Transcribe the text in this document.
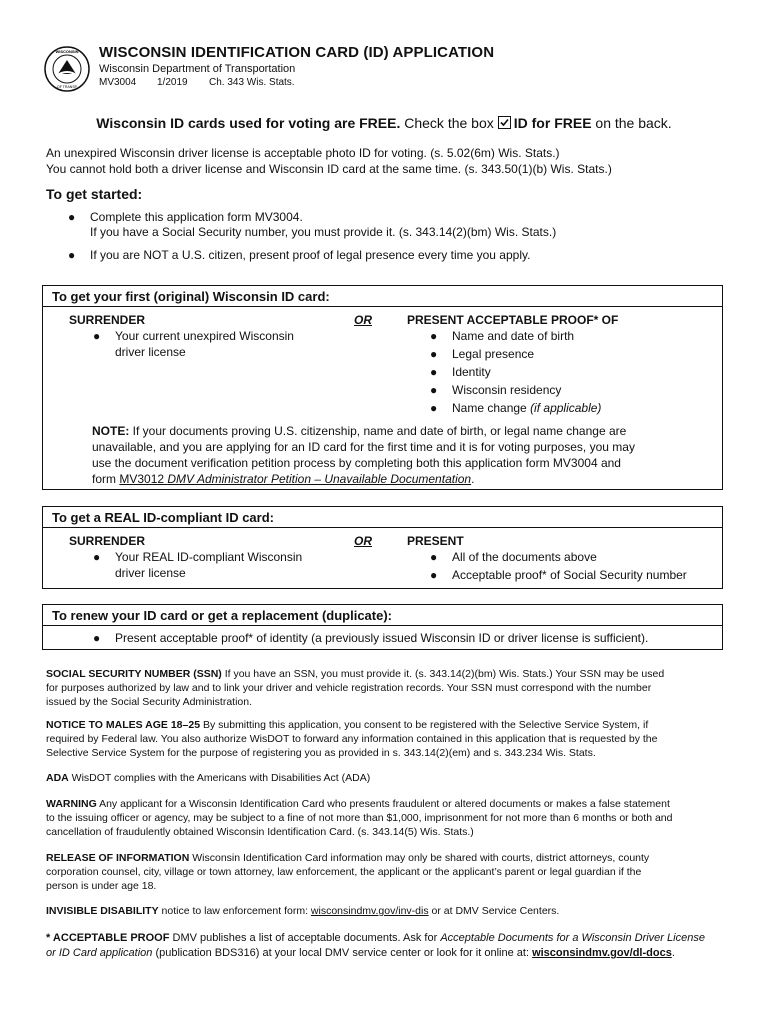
WISCONSIN
OF TRANSP
WISCONSIN IDENTIFICATION CARD (ID) APPLICATION
Wisconsin Department of Transportation
MV3004 1/2019 Ch. 343 Wis. Stats.
Wisconsin ID cards used for voting are FREE. Check the box ID for FREE on the back.
An unexpired Wisconsin driver license is acceptable photo ID for voting. (s. 5.02(6m) Wis. Stats.)
You cannot hold both a driver license and Wisconsin ID card at the same time. (s. 343.50(1)(b) Wis. Stats.)
To get started:
●	Complete this application form MV3004.
If you have a Social Security number, you must provide it. (s. 343.14(2)(bm) Wis. Stats.)
●	If you are NOT a U.S. citizen, present proof of legal presence every time you apply.
To get your first (original) Wisconsin ID card:
SURRENDER
● Your current unexpired Wisconsin
driver license
OR	PRESENT ACCEPTABLE PROOF* OF
● Name and date of birth
● Legal presence
● Identity
● Wisconsin residency
● Name change (if applicable)
NOTE: If your documents proving U.S. citizenship, name and date of birth, or legal name change are
unavailable, and you are applying for an ID card for the first time and it is for voting purposes, you may
use the document verification petition process by completing both this application form MV3004 and
form MV3012 DMV Administrator Petition – Unavailable Documentation.
To get a REAL ID-compliant ID card:
SURRENDER
● Your REAL ID-compliant Wisconsin
driver license
OR	PRESENT
● All of the documents above
● Acceptable proof* of Social Security number
To renew your ID card or get a replacement (duplicate):
● Present acceptable proof* of identity (a previously issued Wisconsin ID or driver license is sufficient).
SOCIAL SECURITY NUMBER (SSN) If you have an SSN, you must provide it. (s. 343.14(2)(bm) Wis. Stats.) Your SSN may be used
for purposes authorized by law and to link your driver and vehicle registration records. Your SSN must correspond with the number
issued by the Social Security Administration.
NOTICE TO MALES AGE 18–25 By submitting this application, you consent to be registered with the Selective Service System, if
required by Federal law. You also authorize WisDOT to forward any information contained in this application that is requested by the
Selective Service System for the purpose of registering you as provided in s. 343.14(2)(em) and s. 343.234 Wis. Stats.
ADA WisDOT complies with the Americans with Disabilities Act (ADA)
WARNING Any applicant for a Wisconsin Identification Card who presents fraudulent or altered documents or makes a false statement
to the issuing officer or agency, may be subject to a fine of not more than $1,000, imprisonment for not more than 6 months or both and
cancellation of fraudulently obtained Wisconsin Identification Card. (s. 343.14(5) Wis. Stats.)
RELEASE OF INFORMATION Wisconsin Identification Card information may only be shared with courts, district attorneys, county
corporation counsel, city, village or town attorney, law enforcement, the applicant or the applicant’s parent or legal guardian if the
person is under age 18.
INVISIBLE DISABILITY notice to law enforcement form: wisconsindmv.gov/inv-dis or at DMV Service Centers.
* ACCEPTABLE PROOF DMV publishes a list of acceptable documents. Ask for Acceptable Documents for a Wisconsin Driver License
or ID Card application (publication BDS316) at your local DMV service center or look for it online at: wisconsindmv.gov/dl-docs.
